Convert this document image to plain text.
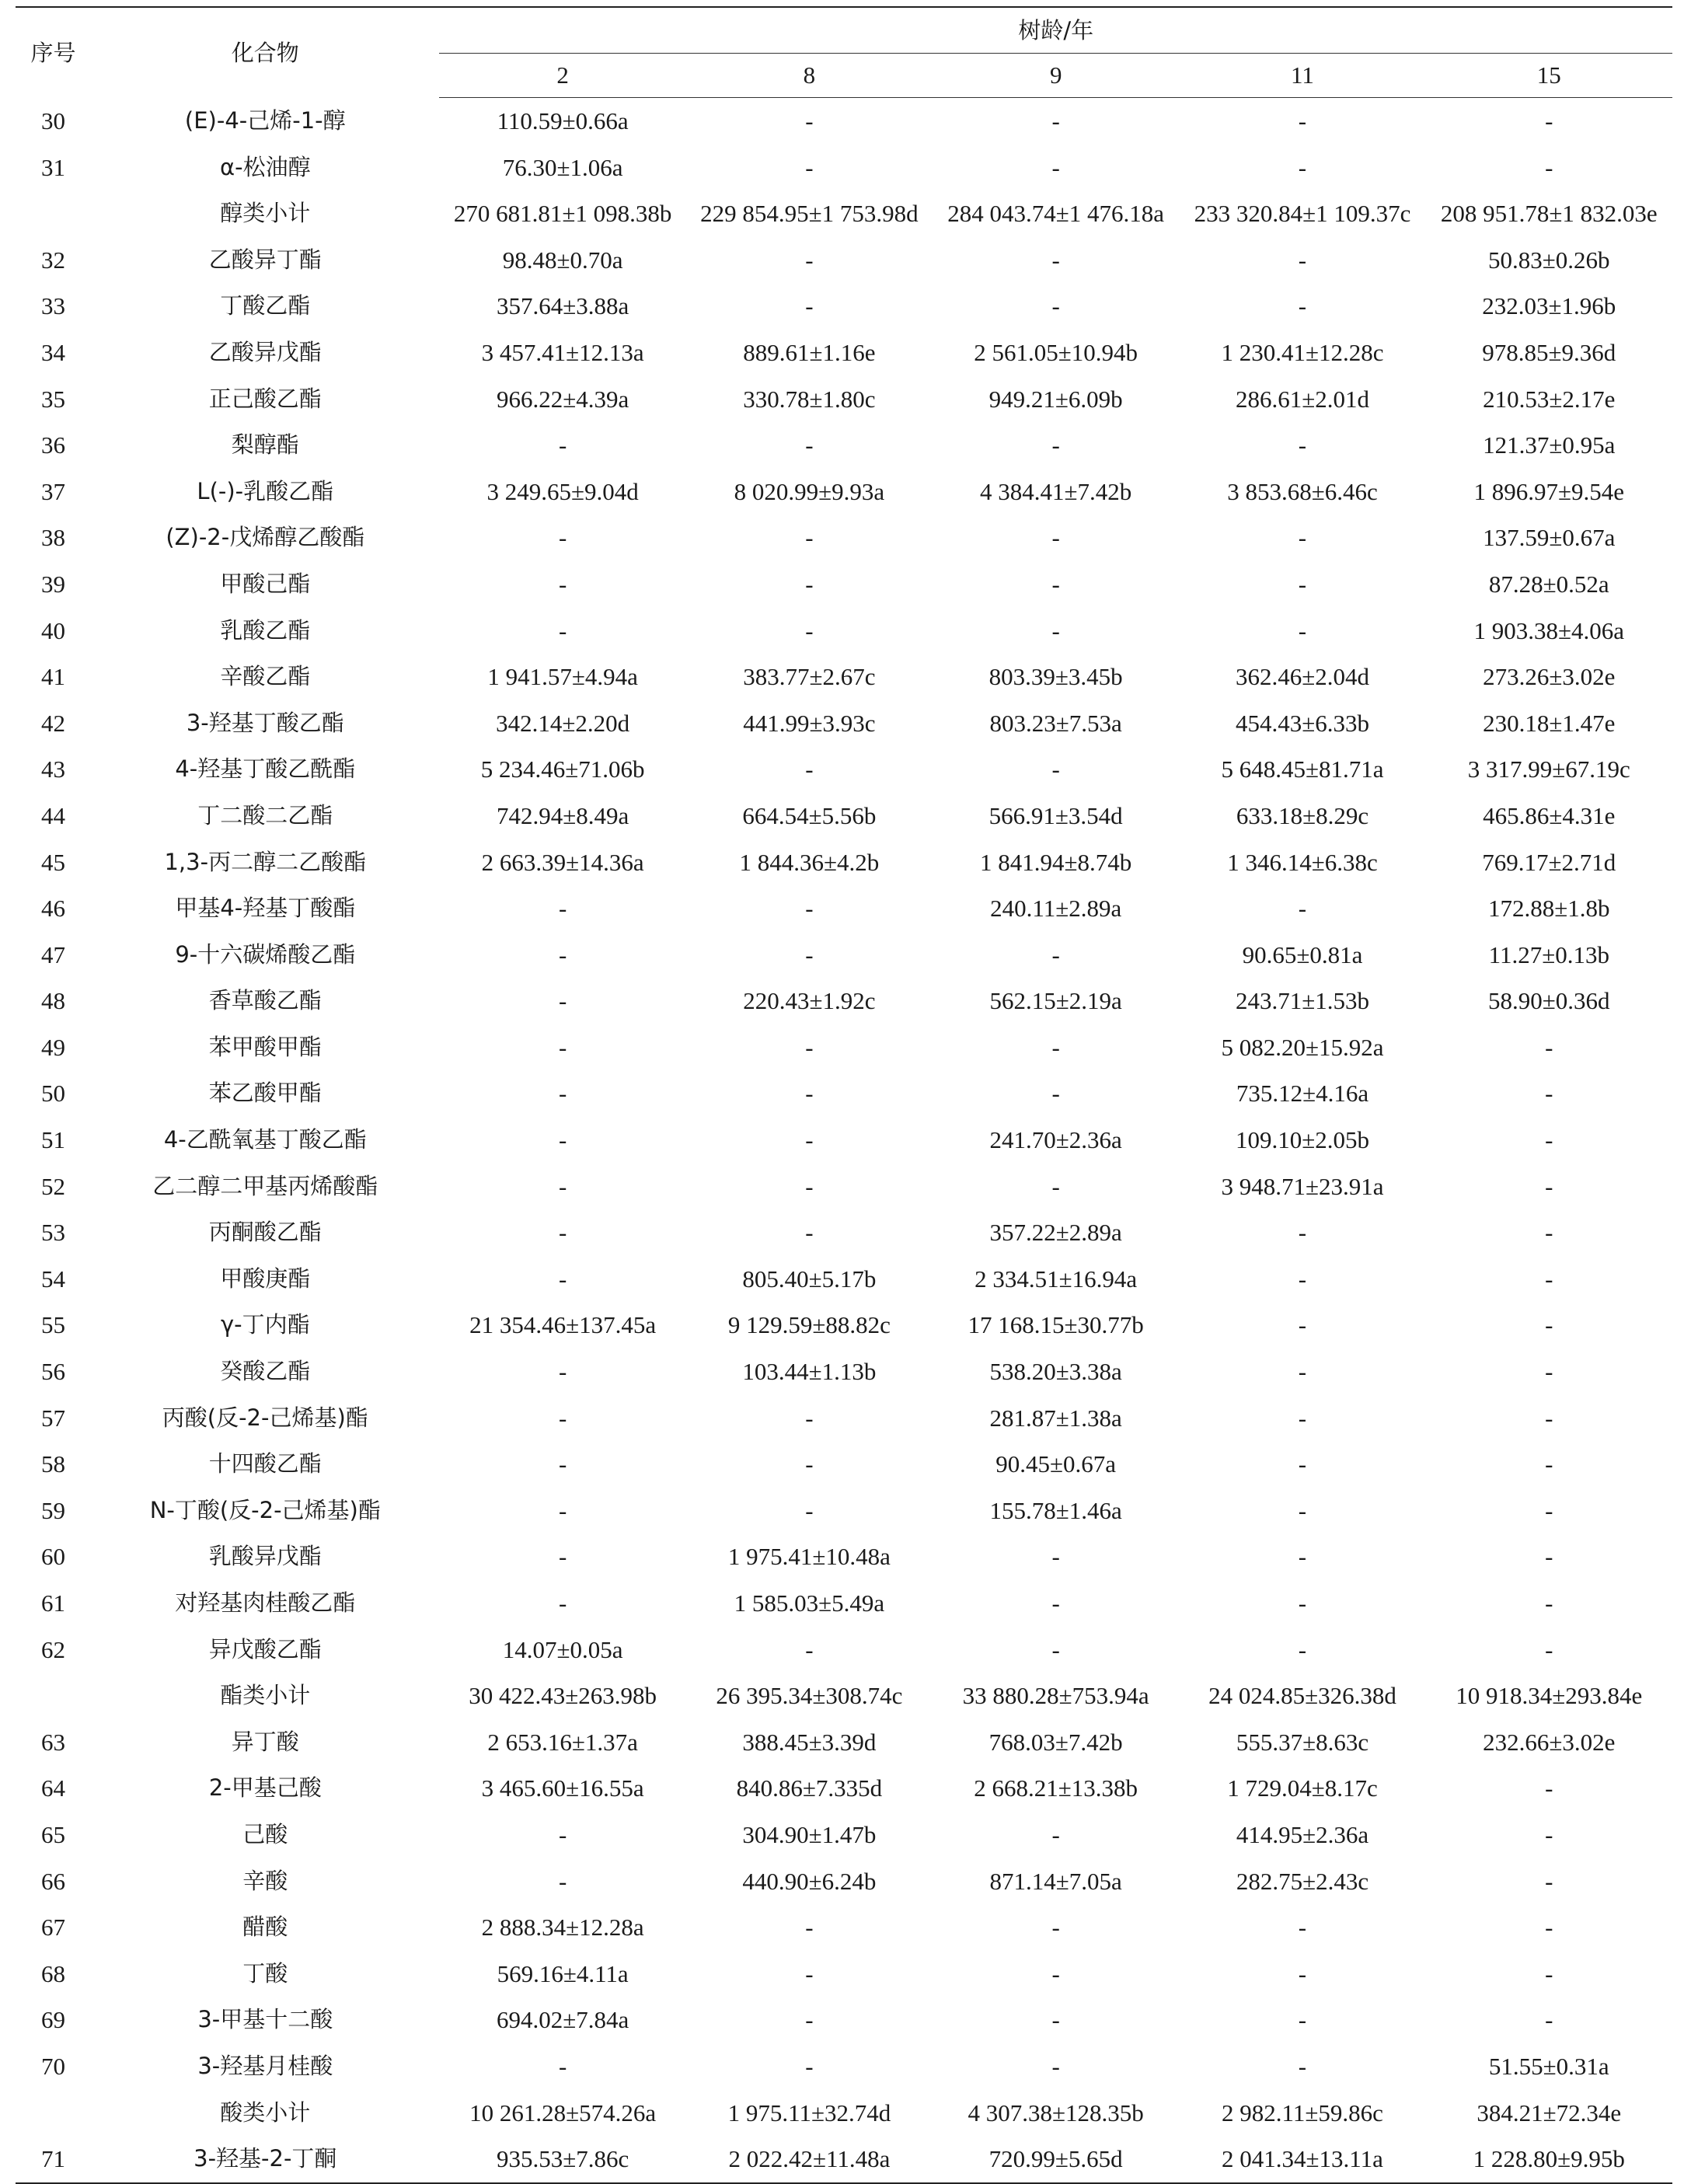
序号	化合物	树龄/年				

		2	8	9	11	15
30	(E)-4-己烯-1-醇	110.59±0.66a	-	-	-	-
31	α-松油醇	76.30±1.06a	-	-	-	-
	醇类小计	270 681.81±1 098.38b	229 854.95±1 753.98d	284 043.74±1 476.18a	233 320.84±1 109.37c	208 951.78±1 832.03e
32	乙酸异丁酯	98.48±0.70a	-	-	-	50.83±0.26b
33	丁酸乙酯	357.64±3.88a	-	-	-	232.03±1.96b
34	乙酸异戊酯	3 457.41±12.13a	889.61±1.16e	2 561.05±10.94b	1 230.41±12.28c	978.85±9.36d
35	正己酸乙酯	966.22±4.39a	330.78±1.80c	949.21±6.09b	286.61±2.01d	210.53±2.17e
36	梨醇酯	-	-	-	-	121.37±0.95a
37	L(-)-乳酸乙酯	3 249.65±9.04d	8 020.99±9.93a	4 384.41±7.42b	3 853.68±6.46c	1 896.97±9.54e
38	(Z)-2-戊烯醇乙酸酯	-	-	-	-	137.59±0.67a
39	甲酸己酯	-	-	-	-	87.28±0.52a
40	乳酸乙酯	-	-	-	-	1 903.38±4.06a
41	辛酸乙酯	1 941.57±4.94a	383.77±2.67c	803.39±3.45b	362.46±2.04d	273.26±3.02e
42	3-羟基丁酸乙酯	342.14±2.20d	441.99±3.93c	803.23±7.53a	454.43±6.33b	230.18±1.47e
43	4-羟基丁酸乙酰酯	5 234.46±71.06b	-	-	5 648.45±81.71a	3 317.99±67.19c
44	丁二酸二乙酯	742.94±8.49a	664.54±5.56b	566.91±3.54d	633.18±8.29c	465.86±4.31e
45	1,3-丙二醇二乙酸酯	2 663.39±14.36a	1 844.36±4.2b	1 841.94±8.74b	1 346.14±6.38c	769.17±2.71d
46	甲基4-羟基丁酸酯	-	-	240.11±2.89a	-	172.88±1.8b
47	9-十六碳烯酸乙酯	-	-	-	90.65±0.81a	11.27±0.13b
48	香草酸乙酯	-	220.43±1.92c	562.15±2.19a	243.71±1.53b	58.90±0.36d
49	苯甲酸甲酯	-	-	-	5 082.20±15.92a	-
50	苯乙酸甲酯	-	-	-	735.12±4.16a	-
51	4-乙酰氧基丁酸乙酯	-	-	241.70±2.36a	109.10±2.05b	-
52	乙二醇二甲基丙烯酸酯	-	-	-	3 948.71±23.91a	-
53	丙酮酸乙酯	-	-	357.22±2.89a	-	-
54	甲酸庚酯	-	805.40±5.17b	2 334.51±16.94a	-	-
55	γ-丁内酯	21 354.46±137.45a	9 129.59±88.82c	17 168.15±30.77b	-	-
56	癸酸乙酯	-	103.44±1.13b	538.20±3.38a	-	-
57	丙酸(反-2-己烯基)酯	-	-	281.87±1.38a	-	-
58	十四酸乙酯	-	-	90.45±0.67a	-	-
59	N-丁酸(反-2-己烯基)酯	-	-	155.78±1.46a	-	-
60	乳酸异戊酯	-	1 975.41±10.48a	-	-	-
61	对羟基肉桂酸乙酯	-	1 585.03±5.49a	-	-	-
62	异戊酸乙酯	14.07±0.05a	-	-	-	-
	酯类小计	30 422.43±263.98b	26 395.34±308.74c	33 880.28±753.94a	24 024.85±326.38d	10 918.34±293.84e
63	异丁酸	2 653.16±1.37a	388.45±3.39d	768.03±7.42b	555.37±8.63c	232.66±3.02e
64	2-甲基己酸	3 465.60±16.55a	840.86±7.335d	2 668.21±13.38b	1 729.04±8.17c	-
65	己酸	-	304.90±1.47b	-	414.95±2.36a	-
66	辛酸	-	440.90±6.24b	871.14±7.05a	282.75±2.43c	-
67	醋酸	2 888.34±12.28a	-	-	-	-
68	丁酸	569.16±4.11a	-	-	-	-
69	3-甲基十二酸	694.02±7.84a	-	-	-	-
70	3-羟基月桂酸	-	-	-	-	51.55±0.31a
	酸类小计	10 261.28±574.26a	1 975.11±32.74d	4 307.38±128.35b	2 982.11±59.86c	384.21±72.34e
71	3-羟基-2-丁酮	935.53±7.86c	2 022.42±11.48a	720.99±5.65d	2 041.34±13.11a	1 228.80±9.95b
